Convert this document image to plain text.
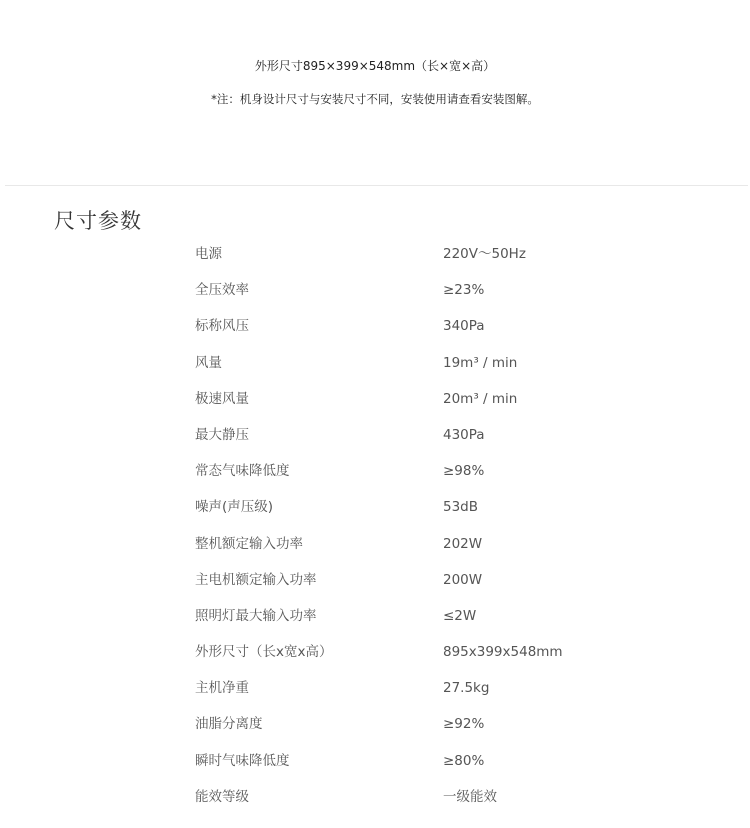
外形尺寸895×399×548mm（长×宽×高）
*注：机身设计尺寸与安装尺寸不同，安装使用请查看安装图解。
尺寸参数
电源	220V～50Hz
全压效率	≥23%
标称风压	340Pa
风量	19m³ / min
极速风量	20m³ / min
最大静压	430Pa
常态气味降低度	≥98%
噪声(声压级)	53dB
整机额定输入功率	202W
主电机额定输入功率	200W
照明灯最大输入功率	≤2W
外形尺寸（长x宽x高）	895x399x548mm
主机净重	27.5kg
油脂分离度	≥92%
瞬时气味降低度	≥80%
能效等级	一级能效
